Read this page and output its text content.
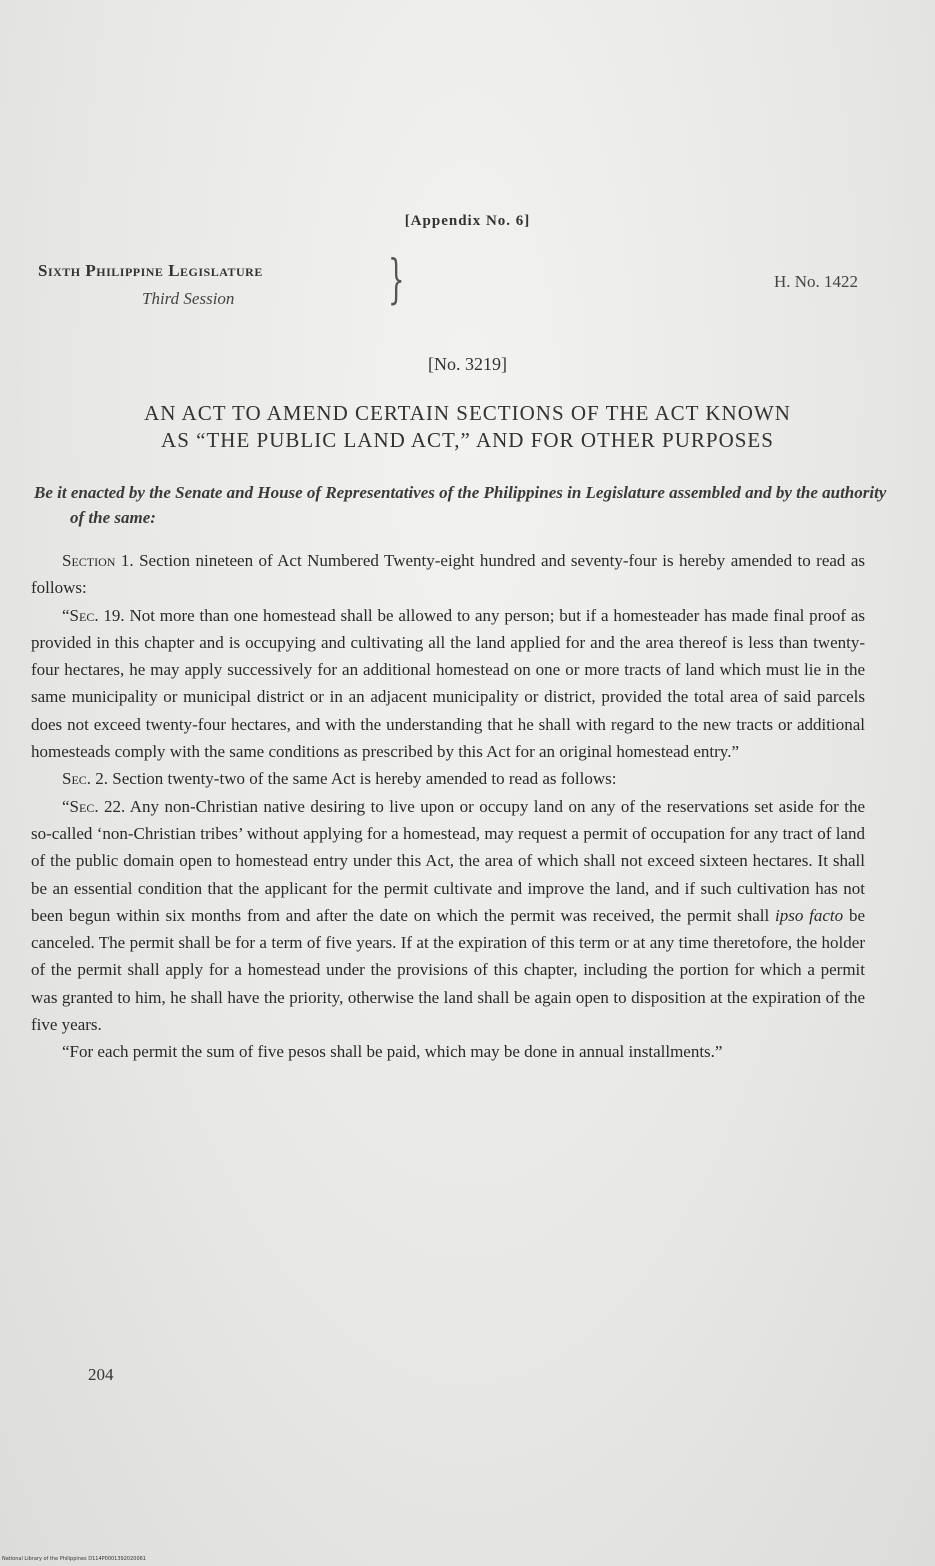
[Appendix No. 6]
Sixth Philippine Legislature
Third Session	}	H. No. 1422
[No. 3219]
AN ACT TO AMEND CERTAIN SECTIONS OF THE ACT KNOWN
AS “THE PUBLIC LAND ACT,” AND FOR OTHER PURPOSES
Be it enacted by the Senate and House of Representatives of the Philippines in Legislature assembled and by the authority of the same:

Section 1. Section nineteen of Act Numbered Twenty-eight hundred and seventy-four is hereby amended to read as follows:

“Sec. 19. Not more than one homestead shall be allowed to any person; but if a homesteader has made final proof as provided in this chapter and is occupying and cultivating all the land applied for and the area thereof is less than twenty-four hectares, he may apply successively for an additional homestead on one or more tracts of land which must lie in the same municipality or municipal district or in an adjacent municipality or district, provided the total area of said parcels does not exceed twenty-four hectares, and with the understanding that he shall with regard to the new tracts or additional homesteads comply with the same conditions as prescribed by this Act for an original homestead entry.”

Sec. 2. Section twenty-two of the same Act is hereby amended to read as follows:

“Sec. 22. Any non-Christian native desiring to live upon or occupy land on any of the reservations set aside for the so-called ‘non-Christian tribes’ without applying for a homestead, may request a permit of occupation for any tract of land of the public domain open to homestead entry under this Act, the area of which shall not exceed sixteen hectares. It shall be an essential condition that the applicant for the permit cultivate and improve the land, and if such cultivation has not been begun within six months from and after the date on which the permit was received, the permit shall ipso facto be canceled. The permit shall be for a term of five years. If at the expiration of this term or at any time theretofore, the holder of the permit shall apply for a homestead under the provisions of this chapter, including the portion for which a permit was granted to him, he shall have the priority, otherwise the land shall be again open to disposition at the expiration of the five years.

“For each permit the sum of five pesos shall be paid, which may be done in annual installments.”

204
National Library of the Philippines D114P0001392020061
